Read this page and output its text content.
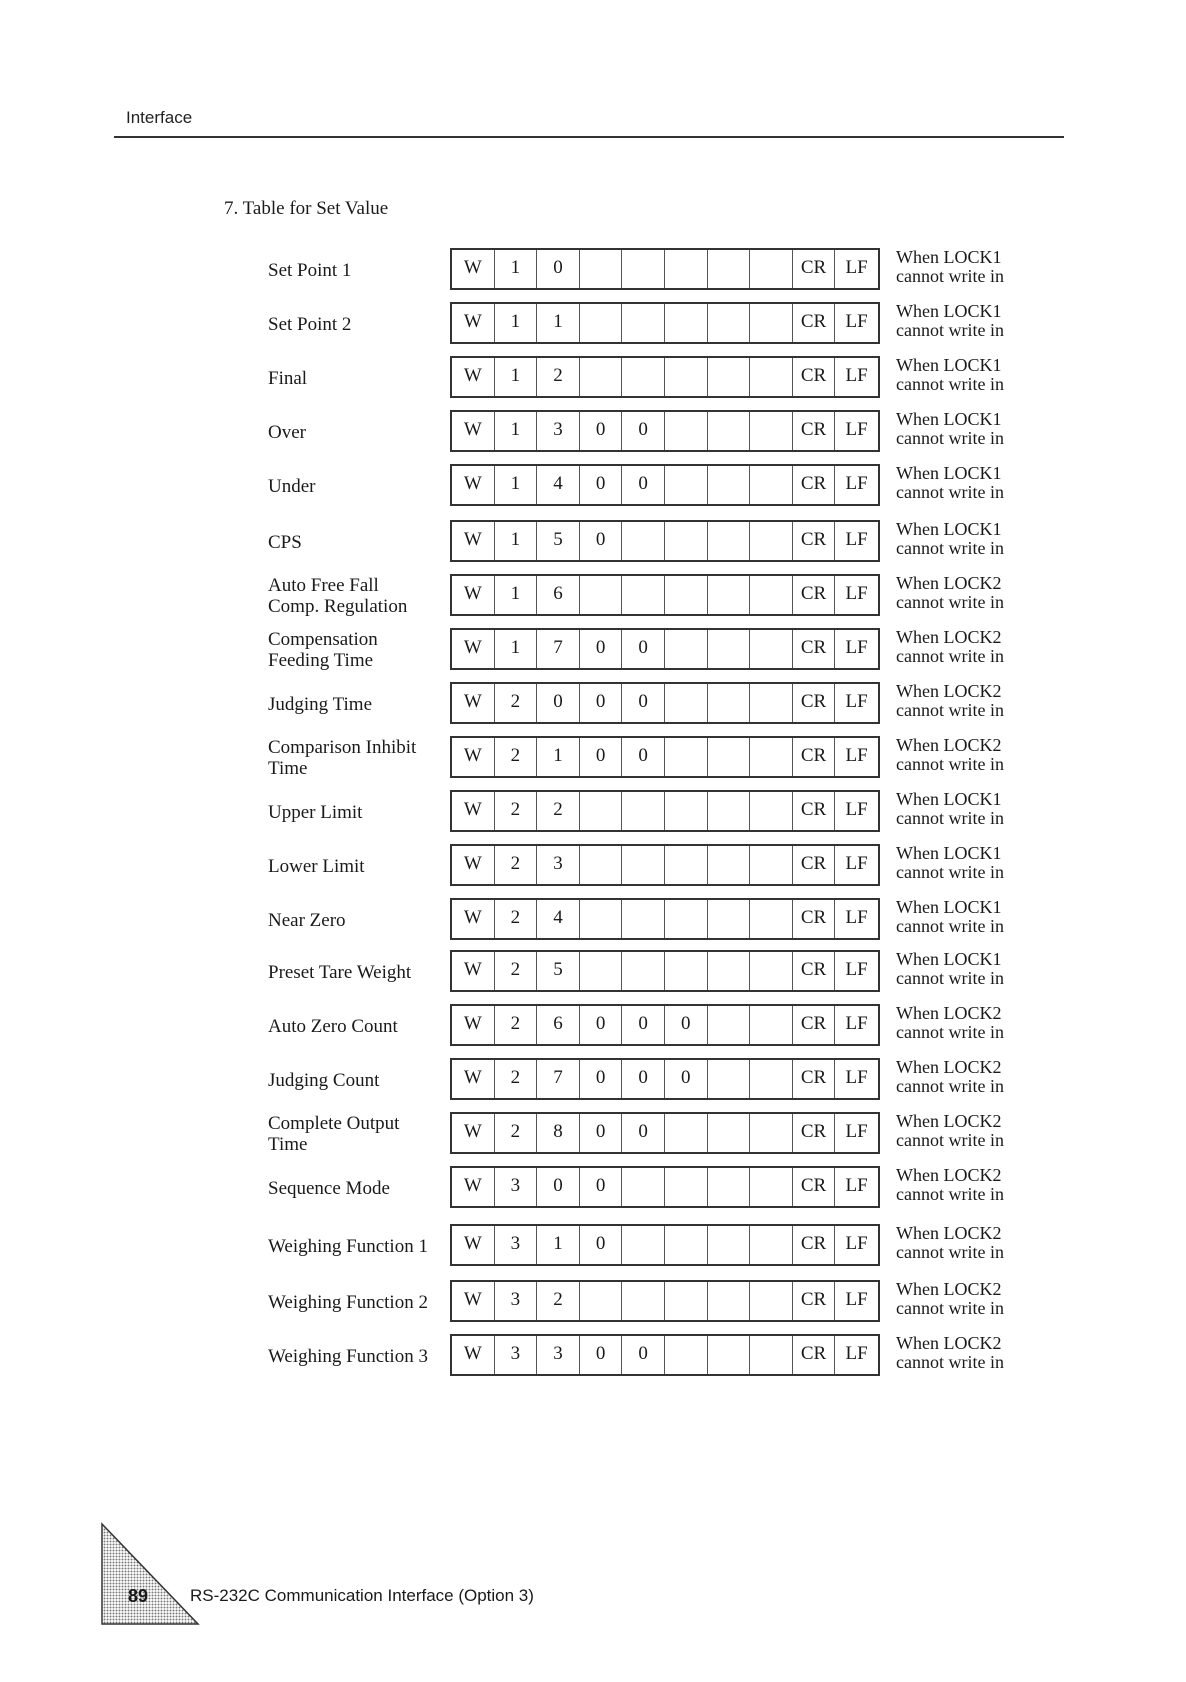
Interface
7. Table for Set Value
Set Point 1	W	1	0	CR	LF	When LOCK1
cannot write in
Set Point 2	W	1	1	CR	LF	When LOCK1
cannot write in
Final	W	1	2	CR	LF	When LOCK1
cannot write in
Over	W	1	3	0	0	CR	LF	When LOCK1
cannot write in
Under	W	1	4	0	0	CR	LF	When LOCK1
cannot write in
CPS	W	1	5	0	CR	LF	When LOCK1
cannot write in
Auto Free Fall
Comp. Regulation
W	1	6	CR	LF	When LOCK2
cannot write in
Compensation
Feeding Time
W	1	7	0	0	CR	LF	When LOCK2
cannot write in
Judging Time	W	2	0	0	0	CR	LF	When LOCK2
cannot write in
Comparison Inhibit
Time
W	2	1	0	0	CR	LF	When LOCK2
cannot write in
Upper Limit	W	2	2	CR	LF	When LOCK1
cannot write in
Lower Limit	W	2	3	CR	LF	When LOCK1
cannot write in
Near Zero	W	2	4	CR	LF	When LOCK1
cannot write in
Preset Tare Weight	W	2	5	CR	LF	When LOCK1
cannot write in
Auto Zero Count	W	2	6	0	0	0	CR	LF	When LOCK2
cannot write in
Judging Count	W	2	7	0	0	0	CR	LF	When LOCK2
cannot write in
Complete Output
Time
W	2	8	0	0	CR	LF	When LOCK2
cannot write in
Sequence Mode	W	3	0	0	CR	LF	When LOCK2
cannot write in
Weighing Function 1	W	3	1	0	CR	LF	When LOCK2
cannot write in
Weighing Function 2	W	3	2	CR	LF	When LOCK2
cannot write in
Weighing Function 3	W	3	3	0	0	CR	LF	When LOCK2
cannot write in
89 RS-232C Communication Interface (Option 3)
